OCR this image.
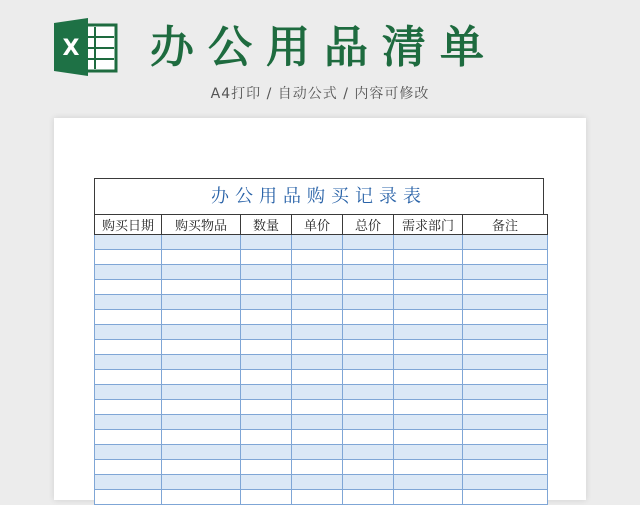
X 办公用品清单
A4打印 / 自动公式 / 内容可修改
办公用品购买记录表
购买日期	购买物品	数量	单价	总价	需求部门	备注
